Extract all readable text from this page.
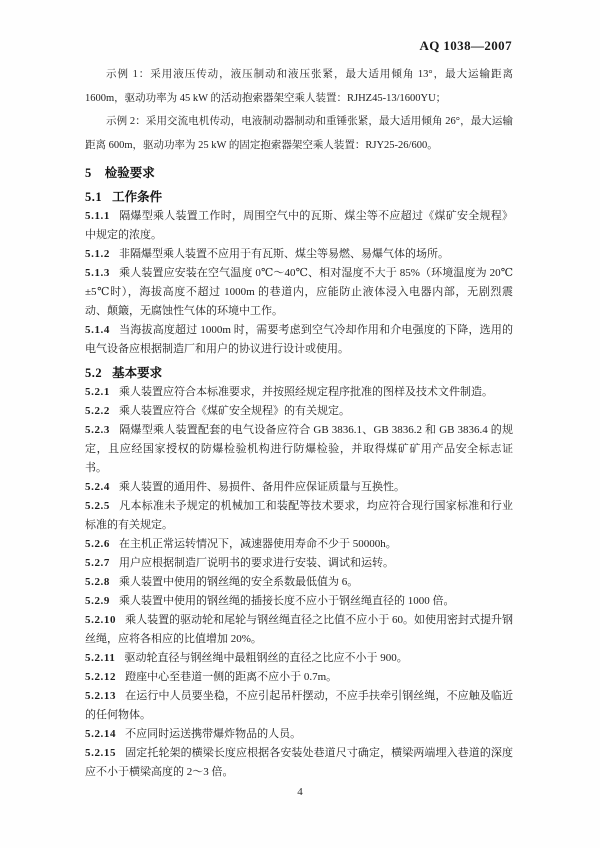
AQ 1038—2007

示例 1：采用液压传动，液压制动和液压张紧，最大适用倾角 13°，最大运输距离 1600m，驱动功率为 45 kW 的活动抱索器架空乘人装置：RJHZ45-13/1600YU；

示例 2：采用交流电机传动，电液制动器制动和重锤张紧，最大适用倾角 26°，最大运输距离 600m，驱动功率为 25 kW 的固定抱索器架空乘人装置：RJY25-26/600。

5 检验要求
5.1 工作条件

5.1.1 隔爆型乘人装置工作时，周围空气中的瓦斯、煤尘等不应超过《煤矿安全规程》中规定的浓度。

5.1.2 非隔爆型乘人装置不应用于有瓦斯、煤尘等易燃、易爆气体的场所。

5.1.3 乘人装置应安装在空气温度 0℃～40℃、相对湿度不大于 85%（环境温度为 20℃±5℃时），海拔高度不超过 1000m 的巷道内，应能防止液体浸入电器内部，无剧烈震动、颠簸，无腐蚀性气体的环境中工作。

5.1.4 当海拔高度超过 1000m 时，需要考虑到空气冷却作用和介电强度的下降，选用的电气设备应根据制造厂和用户的协议进行设计或使用。

5.2 基本要求

5.2.1 乘人装置应符合本标准要求，并按照经规定程序批准的图样及技术文件制造。

5.2.2 乘人装置应符合《煤矿安全规程》的有关规定。

5.2.3 隔爆型乘人装置配套的电气设备应符合 GB 3836.1、GB 3836.2 和 GB 3836.4 的规定，且应经国家授权的防爆检验机构进行防爆检验，并取得煤矿矿用产品安全标志证书。

5.2.4 乘人装置的通用件、易损件、备用件应保证质量与互换性。

5.2.5 凡本标准未予规定的机械加工和装配等技术要求，均应符合现行国家标准和行业标准的有关规定。

5.2.6 在主机正常运转情况下，减速器使用寿命不少于 50000h。

5.2.7 用户应根据制造厂说明书的要求进行安装、调试和运转。

5.2.8 乘人装置中使用的钢丝绳的安全系数最低值为 6。

5.2.9 乘人装置中使用的钢丝绳的插接长度不应小于钢丝绳直径的 1000 倍。

5.2.10 乘人装置的驱动轮和尾轮与钢丝绳直径之比值不应小于 60。如使用密封式提升钢丝绳，应将各相应的比值增加 20%。

5.2.11 驱动轮直径与钢丝绳中最粗钢丝的直径之比应不小于 900。

5.2.12 蹬座中心至巷道一侧的距离不应小于 0.7m。

5.2.13 在运行中人员要坐稳，不应引起吊杆摆动，不应手扶牵引钢丝绳，不应触及临近的任何物体。

5.2.14 不应同时运送携带爆炸物品的人员。

5.2.15 固定托轮架的横梁长度应根据各安装处巷道尺寸确定，横梁两端埋入巷道的深度应不小于横梁高度的 2～3 倍。

4
